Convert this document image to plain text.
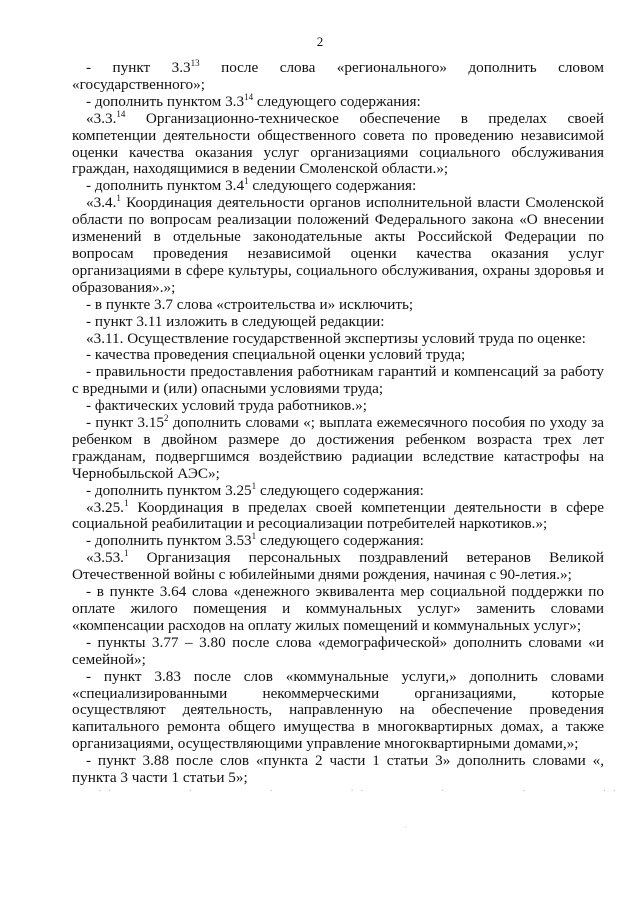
2

- пункт $3.3^{13}$ после слова «регионального» дополнить словом «государственного»;

- дополнить пунктом $3.3^{14}$ следующего содержания:

«3.3.14 Организационно-техническое обеспечение в пределах своей компетенции деятельности общественного совета по проведению независимой оценки качества оказания услуг организациями социального обслуживания граждан, находящимися в ведении Смоленской области.»;

- дополнить пунктом $3.4^1$ следующего содержания:

«3.4.$^1$ Координация деятельности органов исполнительной власти Смоленской области по вопросам реализации положений Федерального закона «О внесении изменений в отдельные законодательные акты Российской Федерации по вопросам проведения независимой оценки качества оказания услуг организациями в сфере культуры, социального обслуживания, охраны здоровья и образования».»;

- в пункте 3.7 слова «строительства и» исключить;

- пункт 3.11 изложить в следующей редакции:

«3.11. Осуществление государственной экспертизы условий труда по оценке:

- качества проведения специальной оценки условий труда;

- правильности предоставления работникам гарантий и компенсаций за работу с вредными и (или) опасными условиями труда;

- фактических условий труда работников.»;

- пункт 3.15$^2$ дополнить словами «; выплата ежемесячного пособия по уходу за ребенком в двойном размере до достижения ребенком возраста трех лет гражданам, подвергшимся воздействию радиации вследствие катастрофы на Чернобыльской АЭС»;

- дополнить пунктом 3.25$^1$ следующего содержания:

«3.25.$^1$ Координация в пределах своей компетенции деятельности в сфере социальной реабилитации и ресоциализации потребителей наркотиков.»;

- дополнить пунктом 3.53$^1$ следующего содержания:

«3.53.$^1$ Организация персональных поздравлений ветеранов Великой Отечественной войны с юбилейными днями рождения, начиная с 90-летия.»;

- в пункте 3.64 слова «денежного эквивалента мер социальной поддержки по оплате жилого помещения и коммунальных услуг» заменить словами «компенсации расходов на оплату жилых помещений и коммунальных услуг»;

- пункты 3.77 – 3.80 после слова «демографической» дополнить словами «и семейной»;

- пункт 3.83 после слов «коммунальные услуги,» дополнить словами «специализированными некоммерческими организациями, которые осуществляют деятельность, направленную на обеспечение проведения капитального ремонта общего имущества в многоквартирных домах, а также организациями, осуществляющими управление многоквартирными домами,»;

- пункт 3.88 после слов «пункта 2 части 1 статьи 3» дополнить словами «, пункта 3 части 1 статьи 5»;

· ·	·	·	· ·	·	·	· ·
·
